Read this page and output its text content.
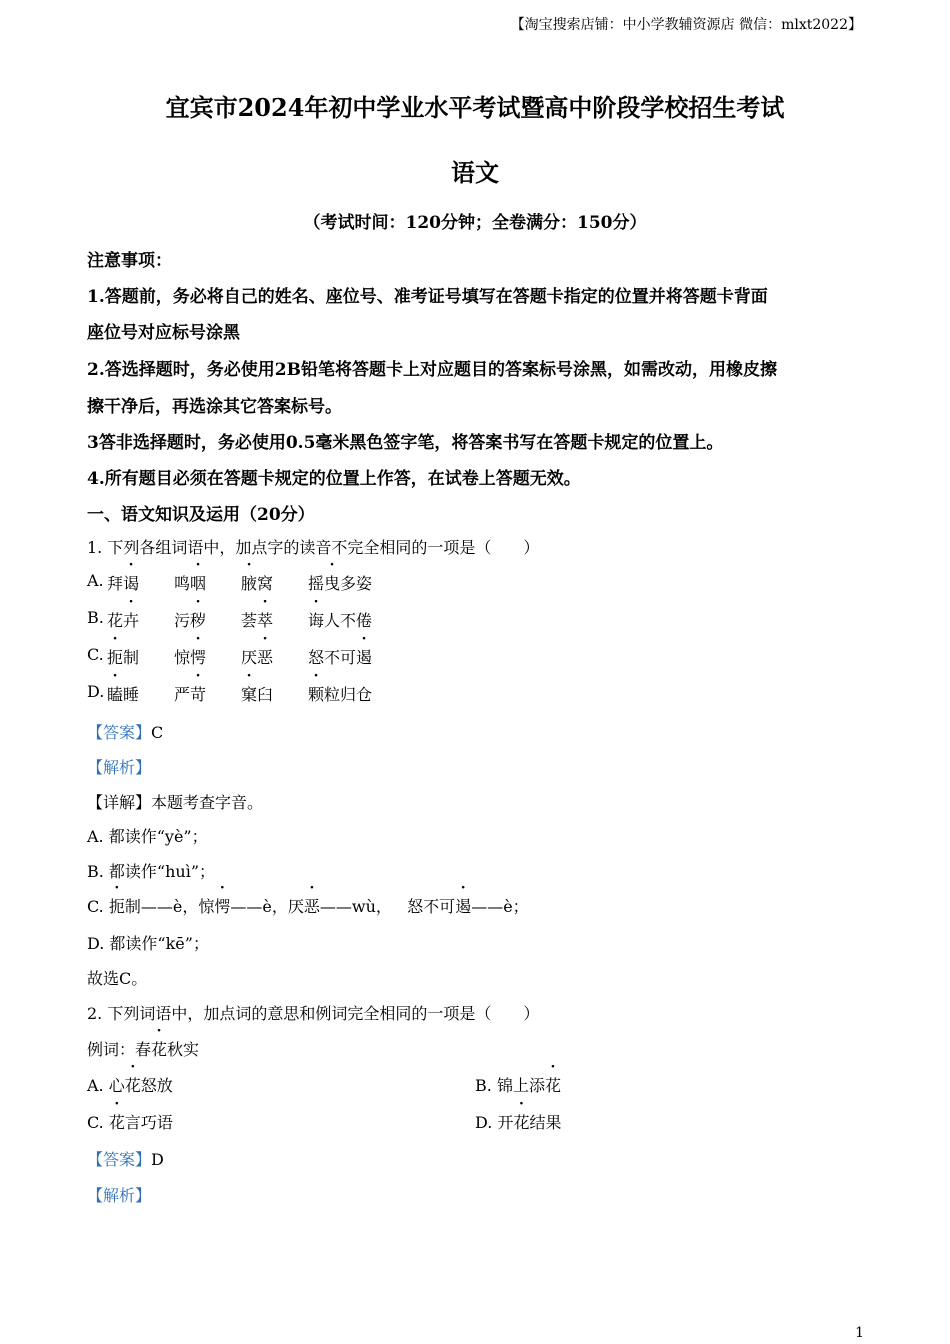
【淘宝搜索店铺：中小学教辅资源店 微信：mlxt2022】
宜宾市2024年初中学业水平考试暨高中阶段学校招生考试
语文
（考试时间：120分钟；全卷满分：150分）
注意事项：
1.答题前，务必将自己的姓名、座位号、准考证号填写在答题卡指定的位置并将答题卡背面
座位号对应标号涂黑
2.答选择题时，务必使用2B铅笔将答题卡上对应题目的答案标号涂黑，如需改动，用橡皮擦
擦干净后，再选涂其它答案标号。
3答非选择题时，务必使用0.5毫米黑色签字笔，将答案书写在答题卡规定的位置上。
4.所有题目必须在答题卡规定的位置上作答，在试卷上答题无效。
一、语文知识及运用（20分）
1. 下列各组词语中，加点字的读音不完全相同的一项是（　　）
A. 拜谒 鸣咽 腋窝 摇曳多姿
B. 花卉 污秽 荟萃 诲人不倦
C. 扼制 惊愕 厌恶 怒不可遏
D. 瞌睡 严苛 窠臼 颗粒归仓
【答案】C
【解析】
【详解】本题考查字音。
A. 都读作“yè”；
B. 都读作“huì”；
C. 扼制——è，惊愕——è，厌恶——wù， 怒不可遏——è；
D. 都读作“kē”；
故选C。
2. 下列词语中，加点词的意思和例词完全相同的一项是（　　）
例词：春花秋实
A. 心花怒放	B. 锦上添花
C. 花言巧语	D. 开花结果
【答案】D
【解析】
1
